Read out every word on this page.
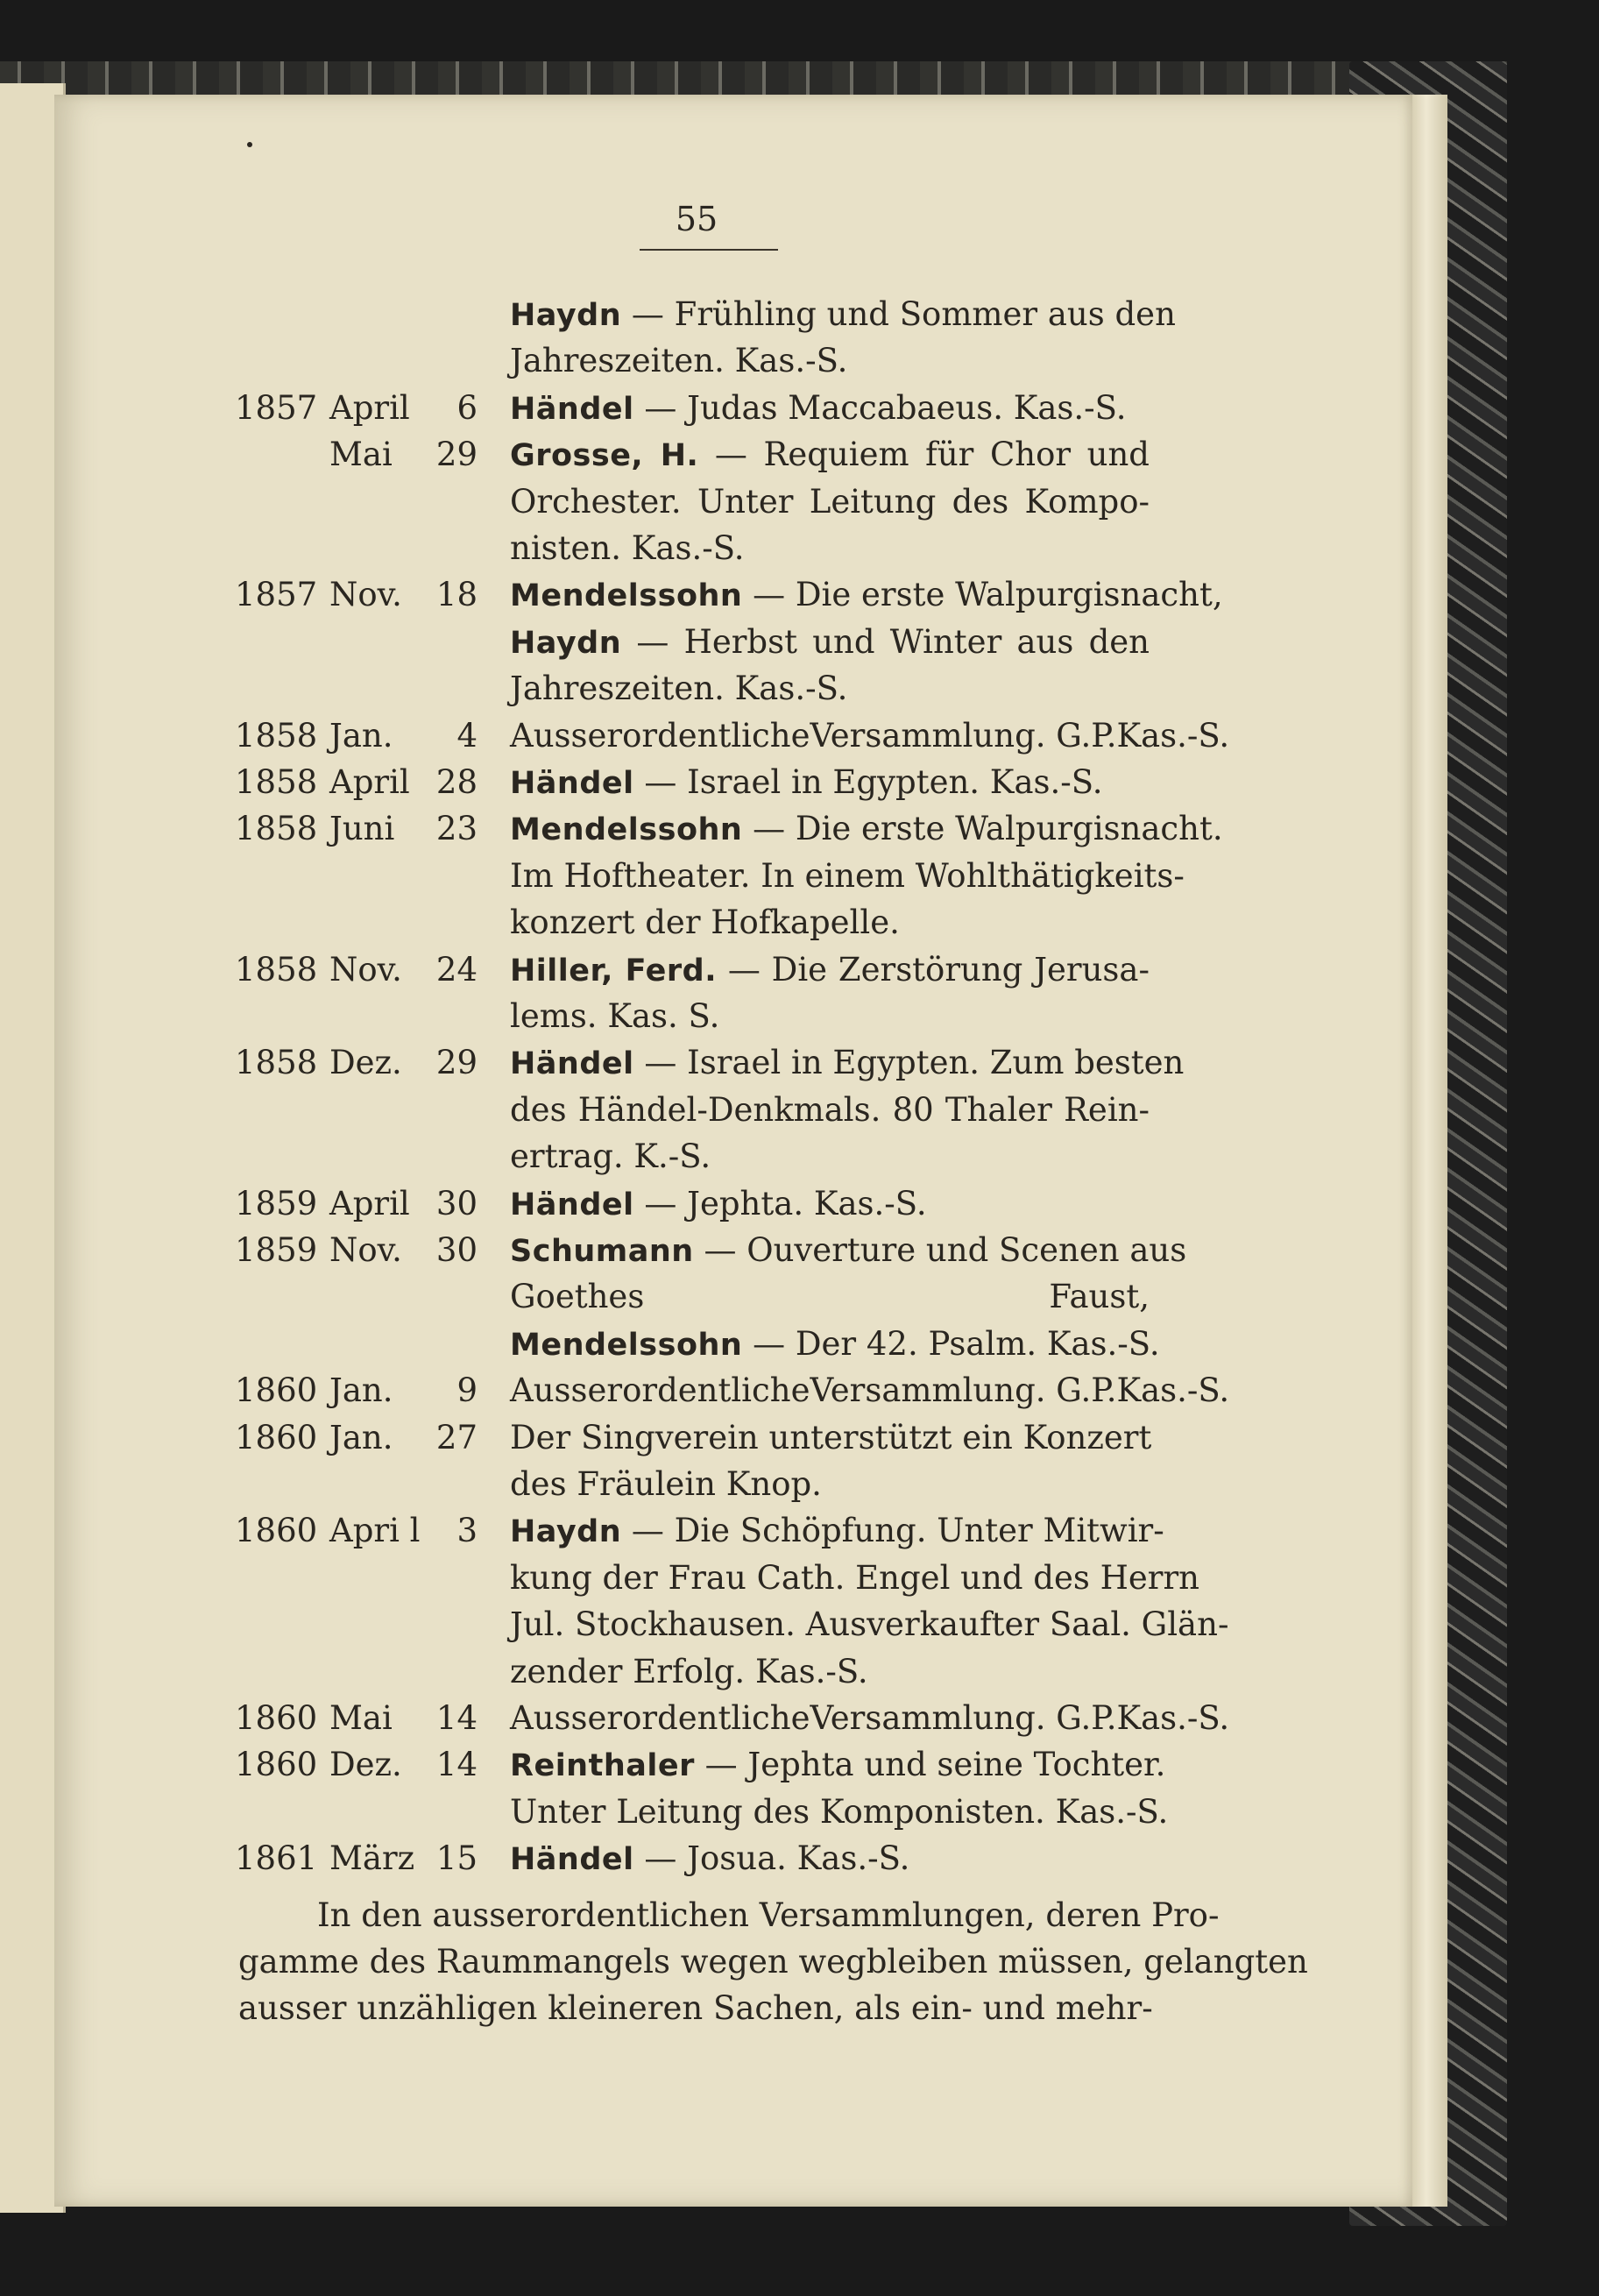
55
Haydn — Frühling und Sommer aus den
Jahreszeiten. Kas.-S.
1857 April	6 Händel — Judas Maccabaeus. Kas.-S.
Mai 29 Grosse, H. — Requiem für Chor und
Orchester. Unter Leitung des Kompo-
nisten. Kas.-S.
1857 Nov. 18 Mendelssohn — Die erste Walpurgisnacht,
Haydn — Herbst und Winter aus den
Jahreszeiten. Kas.-S.
1858 Jan.	4 AusserordentlicheVersammlung. G.P.Kas.-S.
1858 April 28 Händel — Israel in Egypten. Kas.-S.
1858 Juni 23 Mendelssohn — Die erste Walpurgisnacht.
Im Hoftheater. In einem Wohlthätigkeits-
konzert der Hofkapelle.
1858 Nov. 24 Hiller, Ferd. — Die Zerstörung Jerusa-
lems. Kas. S.
1858 Dez. 29 Händel — Israel in Egypten. Zum besten
des Händel-Denkmals. 80 Thaler Rein-
ertrag. K.-S.
1859 April 30 Händel — Jephta. Kas.-S.
1859 Nov. 30 Schumann — Ouverture und Scenen aus
Goethes Faust,
Mendelssohn — Der 42. Psalm. Kas.-S.
1860 Jan.	9 AusserordentlicheVersammlung. G.P.Kas.-S.
1860 Jan. 27 Der Singverein unterstützt ein Konzert
des Fräulein Knop.
1860 Apri l	3 Haydn — Die Schöpfung. Unter Mitwir-
kung der Frau Cath. Engel und des Herrn
Jul. Stockhausen. Ausverkaufter Saal. Glän-
zender Erfolg. Kas.-S.
1860 Mai 14 AusserordentlicheVersammlung. G.P.Kas.-S.
1860 Dez. 14 Reinthaler — Jephta und seine Tochter.
Unter Leitung des Komponisten. Kas.-S.
1861 März 15 Händel — Josua. Kas.-S.
In den ausserordentlichen Versammlungen, deren Pro-
gamme des Raummangels wegen wegbleiben müssen, gelangten
ausser unzähligen kleineren Sachen, als ein- und mehr-
